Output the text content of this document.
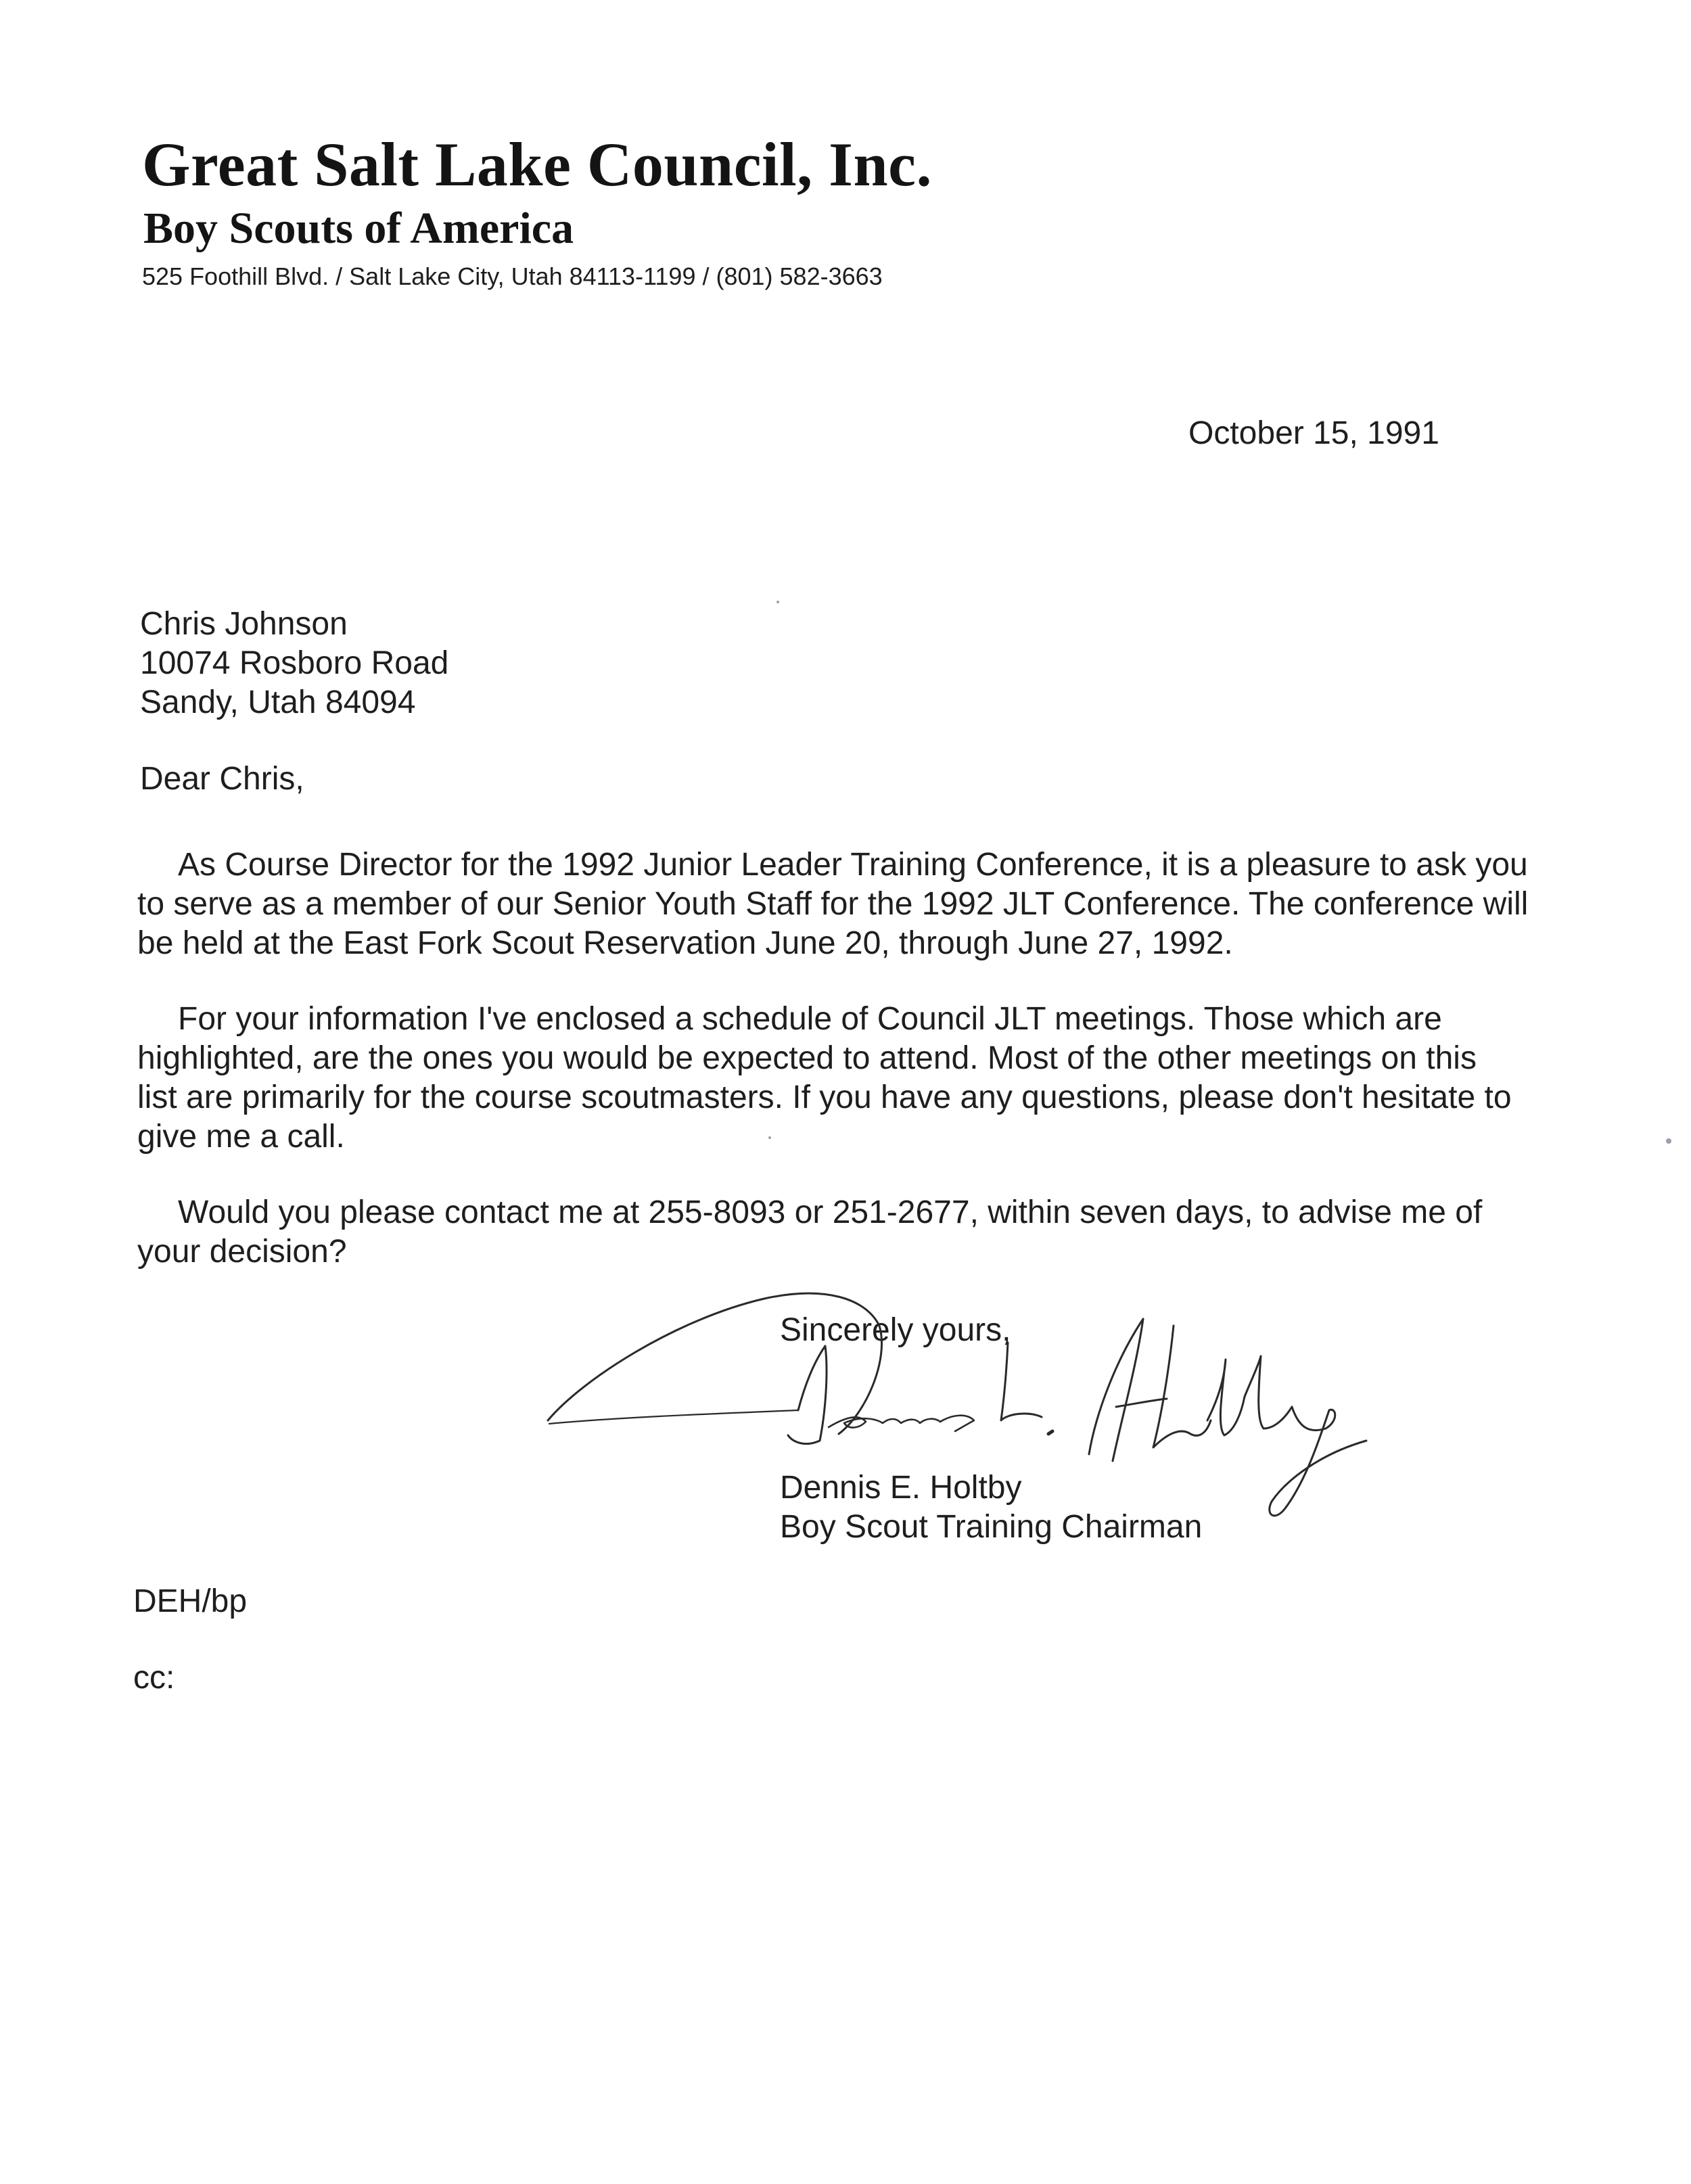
Great Salt Lake Council, Inc.
Boy Scouts of America
525 Foothill Blvd. / Salt Lake City, Utah 84113-1199 / (801) 582-3663
October 15, 1991
Chris Johnson
10074 Rosboro Road
Sandy, Utah 84094
Dear Chris,

As Course Director for the 1992 Junior Leader Training Conference, it is a pleasure to ask you to serve as a member of our Senior Youth Staff for the 1992 JLT Conference. The conference will be held at the East Fork Scout Reservation June 20, through June 27, 1992.

For your information I've enclosed a schedule of Council JLT meetings. Those which are highlighted, are the ones you would be expected to attend. Most of the other meetings on this list are primarily for the course scoutmasters. If you have any questions, please don't hesitate to give me a call.

Would you please contact me at 255-8093 or 251-2677, within seven days, to advise me of your decision?

Sincerely yours,
Dennis E. Holtby
Boy Scout Training Chairman
DEH/bp
cc:
